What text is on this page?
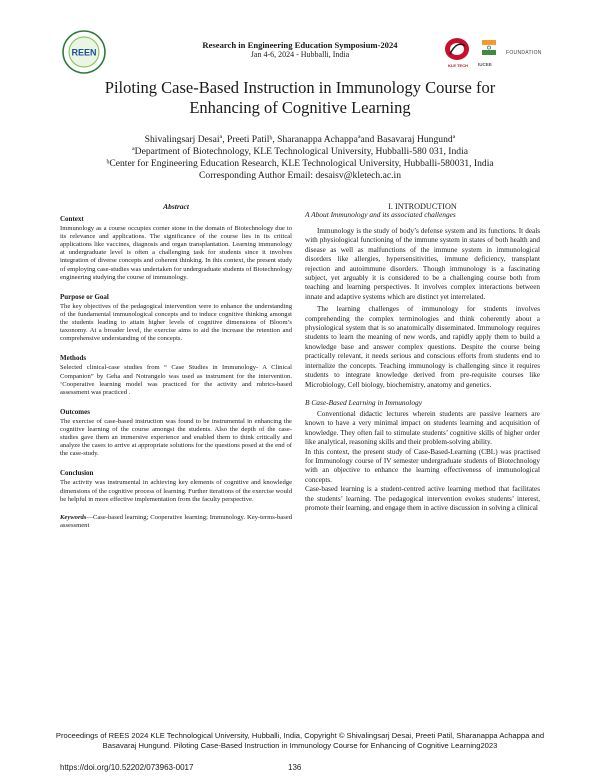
REEN
KLE TECH	IUCEE
FOUNDATION
Research in Engineering Education Symposium-2024
Jan 4-6, 2024 - Hubballi, India
Piloting Case-Based Instruction in Immunology Course for Enhancing of Cognitive Learning
Shivalingsarj Desaiª, Preeti Patilᵇ, Sharanappa Achappaªand Basavaraj Hungundª
ªDepartment of Biotechnology, KLE Technological University, Hubballi-580 031, India
ᵇCenter for Engineering Education Research, KLE Technological University, Hubballi-580031, India
Corresponding Author Email: desaisv@kletech.ac.in
Abstract
Context
Immunology as a course occupies corner stone in the domain of Biotechnology due to its relevance and applications. The significance of the course lies in its critical applications like vaccines, diagnosis and organ transplantation. Learning immunology at undergraduate level is often a challenging task for students since it involves integration of diverse concepts and coherent thinking. In this context, the present study of employing case-studies was undertaken for undergraduate students of Biotechnology engineering studying the course of immunology.
Purpose or Goal
The key objectives of the pedagogical intervention were to enhance the understanding of the fundamental immunological concepts and to induce cognitive thinking amongst the students leading to attain higher levels of cognitive dimensions of Bloom’s taxonomy. At a broader level, the exercise aims to aid the increase the retention and comprehensive understanding of the concepts.
Methods
Selected clinical-case studies from “ Case Studies in Immunology- A Clinical Companion” by Geha and Notrangelo was used as instrument for the intervention. ‘Cooperative learning model was practiced for the activity and rubrics-based assessment was practiced .
Outcomes
The exercise of case-based instruction was found to be instrumental in enhancing the cognitive learning of the course amongst the students. Also the depth of the case-studies gave them an immersive experience and enabled them to think critically and analyze the cases to arrive at appropriate solutions for the questions posed at the end of the case-study.
Conclusion
The activity was instrumental in achieving key elements of cognitive and knowledge dimensions of the cognitive process of learning. Further iterations of the exercise would be helpful in more effective implementation from the faculty perspective.
Keywords—Case-based learning; Cooperative learning; Immunology. Key-terms-based assessment
I. INTRODUCTION
A About Immunology and its associated challenges
Immunology is the study of body’s defense system and its functions. It deals with physiological functioning of the immune system in states of both health and disease as well as malfunctions of the immune system in immunological disorders like allergies, hypersensitivities, immune deficiency, transplant rejection and autoimmune disorders. Though immunology is a fascinating subject, yet arguably it is considered to be a challenging course both from teaching and learning perspectives. It involves complex interactions between innate and adaptive systems which are distinct yet interrelated.
The learning challenges of immunology for students involves comprehending the complex terminologies and think coherently about a physiological system that is so anatomically disseminated. Immunology requires students to learn the meaning of new words, and rapidly apply them to build a knowledge base and answer complex questions. Despite the course being practically relevant, it needs serious and conscious efforts from students end to internalize the concepts. Teaching immunology is challenging since it requires students to integrate knowledge derived from pre-requisite courses like Microbiology, Cell biology, biochemistry, anatomy and genetics.
B Case-Based Learning in Immunology
Conventional didactic lectures wherein students are passive learners are known to have a very minimal impact on students learning and acquisition of knowledge. They often fail to stimulate students’ cognitive skills of higher order like analytical, reasoning skills and their problem-solving ability.
In this context, the present study of Case-Based-Learning (CBL) was practised for Immunology course of IV semester undergraduate students of Biotechnology with an objective to enhance the learning effectiveness of immunological concepts.
Case-based learning is a student-centred active learning method that facilitates the students’ learning. The pedagogical intervention evokes students’ interest, promote their learning, and engage them in active discussion in solving a clinical
Proceedings of REES 2024 KLE Technological University, Hubballi, India, Copyright © Shivalingsarj Desai, Preeti Patil, Sharanappa Achappa and Basavaraj Hungund. Piloting Case-Based Instruction in Immunology Course for Enhancing of Cognitive Learning2023
https://doi.org/10.52202/073963-0017	136
